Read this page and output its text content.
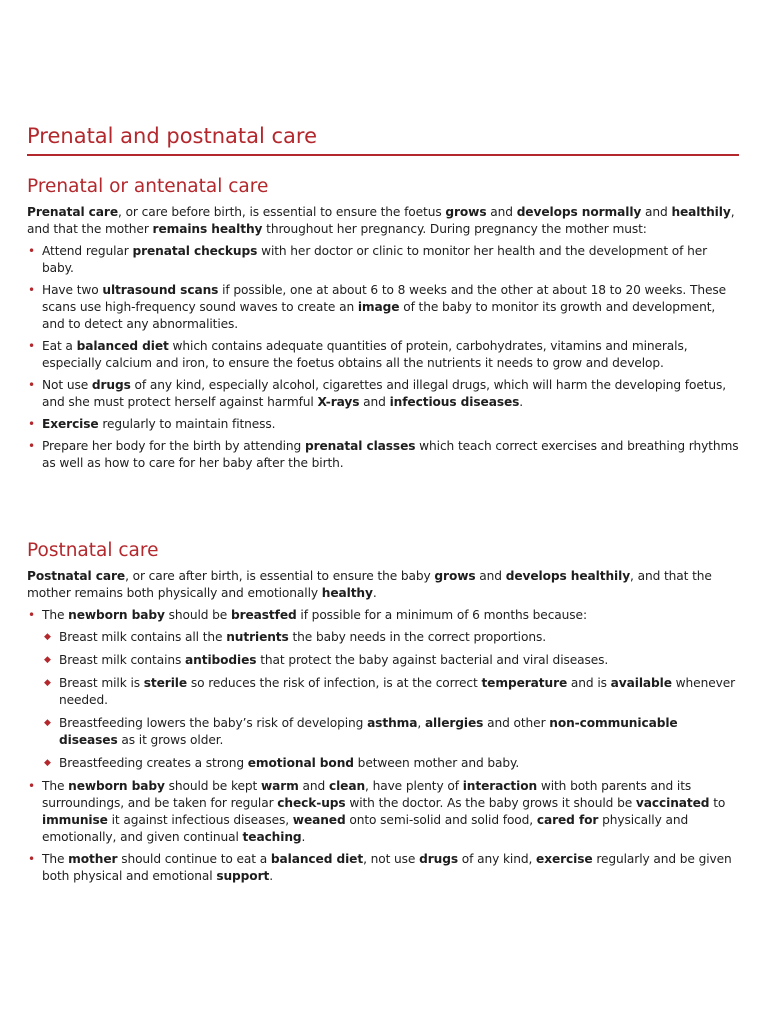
Prenatal and postnatal care
Prenatal or antenatal care

Prenatal care, or care before birth, is essential to ensure the foetus grows and develops normally and healthily, and that the mother remains healthy throughout her pregnancy. During pregnancy the mother must:

• Attend regular prenatal checkups with her doctor or clinic to monitor her health and the development of her baby.
• Have two ultrasound scans if possible, one at about 6 to 8 weeks and the other at about 18 to 20 weeks. These scans use high-frequency sound waves to create an image of the baby to monitor its growth and development, and to detect any abnormalities.
• Eat a balanced diet which contains adequate quantities of protein, carbohydrates, vitamins and minerals, especially calcium and iron, to ensure the foetus obtains all the nutrients it needs to grow and develop.
• Not use drugs of any kind, especially alcohol, cigarettes and illegal drugs, which will harm the developing foetus, and she must protect herself against harmful X-rays and infectious diseases.
• Exercise regularly to maintain fitness.
• Prepare her body for the birth by attending prenatal classes which teach correct exercises and breathing rhythms as well as how to care for her baby after the birth.
Postnatal care

Postnatal care, or care after birth, is essential to ensure the baby grows and develops healthily, and that the mother remains both physically and emotionally healthy.

• The newborn baby should be breastfed if possible for a minimum of 6 months because:
◆ Breast milk contains all the nutrients the baby needs in the correct proportions.
◆ Breast milk contains antibodies that protect the baby against bacterial and viral diseases.
◆ Breast milk is sterile so reduces the risk of infection, is at the correct temperature and is available whenever needed.
◆ Breastfeeding lowers the baby’s risk of developing asthma, allergies and other non-communicable diseases as it grows older.
◆ Breastfeeding creates a strong emotional bond between mother and baby.
• The newborn baby should be kept warm and clean, have plenty of interaction with both parents and its surroundings, and be taken for regular check-ups with the doctor. As the baby grows it should be vaccinated to immunise it against infectious diseases, weaned onto semi-solid and solid food, cared for physically and emotionally, and given continual teaching.
• The mother should continue to eat a balanced diet, not use drugs of any kind, exercise regularly and be given both physical and emotional support.
